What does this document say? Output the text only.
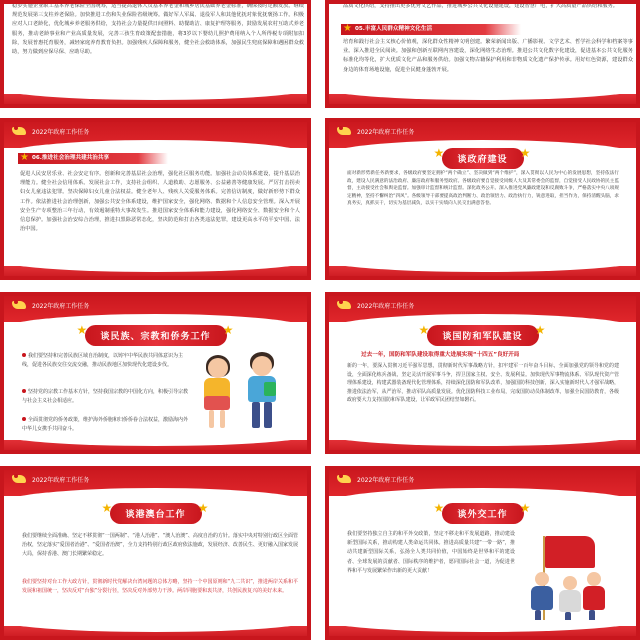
稳步实施企业职工基本养老保险全国统筹，适当提高退休人员基本养老金和城乡居民基础养老金标准，确保按时足额发放。继续规范发展第三支柱养老保险。加快推进工伤和失业保险省级统筹。做好军人军属、退役军人和其他优抚对象优抚褒扬工作。积极应对人口老龄化，优化城乡养老服务供给，支持社会力量提供日间照料、助餐助洁、康复护理等服务，鼓励发展农村互助式养老服务，推动老龄事业和产业高质量发展，完善三孩生育政策配套措施，将3岁以下婴幼儿照护费用纳入个人所得税专项附加扣除，发展普惠托育服务，减轻家庭养育教育负担。加强残疾人保障和服务，健全社会救助体系，加强民生兜底保障和遇困群众救助，努力做到应保尽保、应助尽助。
品质文化供给，支持推出更多优秀文艺作品，推进城乡公共文化设施建设，建设智慧广电，扩大高质量产品供给和服务。
★ 05.丰富人民群众精神文化生活
培育和践行社会主义核心价值观，深化群众性精神文明创建。繁荣新闻出版、广播影视、文学艺术、哲学社会科学和档案等事业。深入推进全民阅读。加强和创新互联网内容建设，深化网络生态治理。推进公共文化数字化建设，促进基本公共文化服务标准化均等化，扩大优质文化产品和服务供给。加强文物古籍保护利用和非物质文化遗产保护传承。用好红色资源，建设群众身边的体育场地设施，促进全民健身蓬勃开展。
2022年政府工作任务
★ 06.推进社会治理共建共治共享
促进人民安居乐业、社会安定有序。创新和完善基层社会治理，强化社区服务功能。加强社会动员体系建设，提升基层治理能力。健全社会信用体系。发展社会工作，支持社会组织、人道救助、志愿服务、公益慈善等健康发展。严厉打击拐卖妇女儿童违法犯罪。坚决保障妇女儿童合法权益。健全老年人、残疾人关爱服务体系。完善信访制度，做好新形势下群众工作。依法推进社会治理创新，加强公共安全体系建设，维护国家安全，强化网络、数据和个人信息安全管理。深入开展安全生产专项整治三年行动，有效遏制重特大事故发生。推进国家安全体系和能力建设，强化网络安全、数据安全和个人信息保护。加强社会治安综合治理，推进扫黑除恶常态化，坚决防范和打击各类违法犯罪，建设更高水平的平安中国、法治中国。
2022年政府工作任务
★ 谈政府建设 ★
面对新形势新任务新要求，各级政府要坚定拥护“两个确立”、坚决做到“两个维护”，深入贯彻以人民为中心的发展思想，坚持依法行政，建设人民满意的法治政府、廉洁政府和服务型政府。各级政府要自觉接受同级人大及其常委会的监督，自觉接受人民政协的民主监督，主动接受社会和舆论监督。加强审计监督和统计监督。深化政务公开。深入推进党风廉政建设和反腐败斗争，严格落实中央八项规定精神，坚持不懈纠治“四风”。各级领导干部要提高政治判断力、政治领悟力、政治执行力，锐意进取，担当作为，保持清醒头脑，求真务实，真抓实干，切实为基层减负，以实干实绩向人民交出满意答卷。
2022年政府工作任务
★ 谈民族、宗教和侨务工作 ★
我们要坚持和完善民族区域自治制度，以铸牢中华民族共同体意识为主线，促进各民族交往交流交融，推动民族地区加快现代化建设步伐。
坚持党的宗教工作基本方针，坚持我国宗教的中国化方向，积极引导宗教与社会主义社会相适应。
全面贯彻党的侨务政策，维护海外侨胞和归侨侨眷合法权益，激励海内外中华儿女携手共同奋斗。
2022年政府工作任务
★ 谈国防和军队建设 ★
过去一年，国防和军队建设取得重大进展实现“十四五”良好开局
新的一年，要深入贯彻习近平强军思想，贯彻新时代军事战略方针，扣牢建军一百年奋斗目标，全面加强党的领导和党的建设，全面深化练兵备战，坚定灵活开展军事斗争，捍卫国家主权、安全、发展利益。加快现代军事物流体系、军队现代资产管理体系建设，构建武器装备现代化管理体系，持续深化国防和军队改革，加强国防科技创新，深入实施新时代人才强军战略，推进依法治军，从严治军，推动军队高质量发展。优化国防科技工业布局，完成国防动员体制改革，加强全民国防教育，各级政府要大力支持国防和军队建设，让军政军民团结坚如磐石。
2022年政府工作任务
★ 谈港澳台工作 ★
我们要继续全面准确、坚定不移贯彻“一国两制”、“港人治港”、“澳人治澳”、高度自治的方针。落实中央对特别行政区全面管治权，坚定落实“爱国者治港”、“爱国者治澳”，全力支持特别行政区政府依法施政，发展经济、改善民生、更好融入国家发展大局，保持香港、澳门长期繁荣稳定。
我们要坚持对台工作大政方针，贯彻新时代党解决台湾问题的总体方略，坚持一个中国原则和“九二共识”，推进两岸关系和平发展和祖国统一，坚决反对“台独”分裂行径，坚决反对外部势力干涉。两岸同胞要和衷共济，共创民族复兴的美好未来。
2022年政府工作任务
★ 谈外交工作 ★
我们要坚持独立自主的和平外交政策，坚定不移走和平发展道路，推动建设新型国际关系，推动构建人类命运共同体。推进高质量共建“一带一路”，推动共建新型国际关系，弘扬全人类共同价值，中国始终是世界和平的建设者、全球发展的贡献者、国际秩序的维护者，愿同国际社会一道，为促进世界和平与发展繁荣作出新的更大贡献！
